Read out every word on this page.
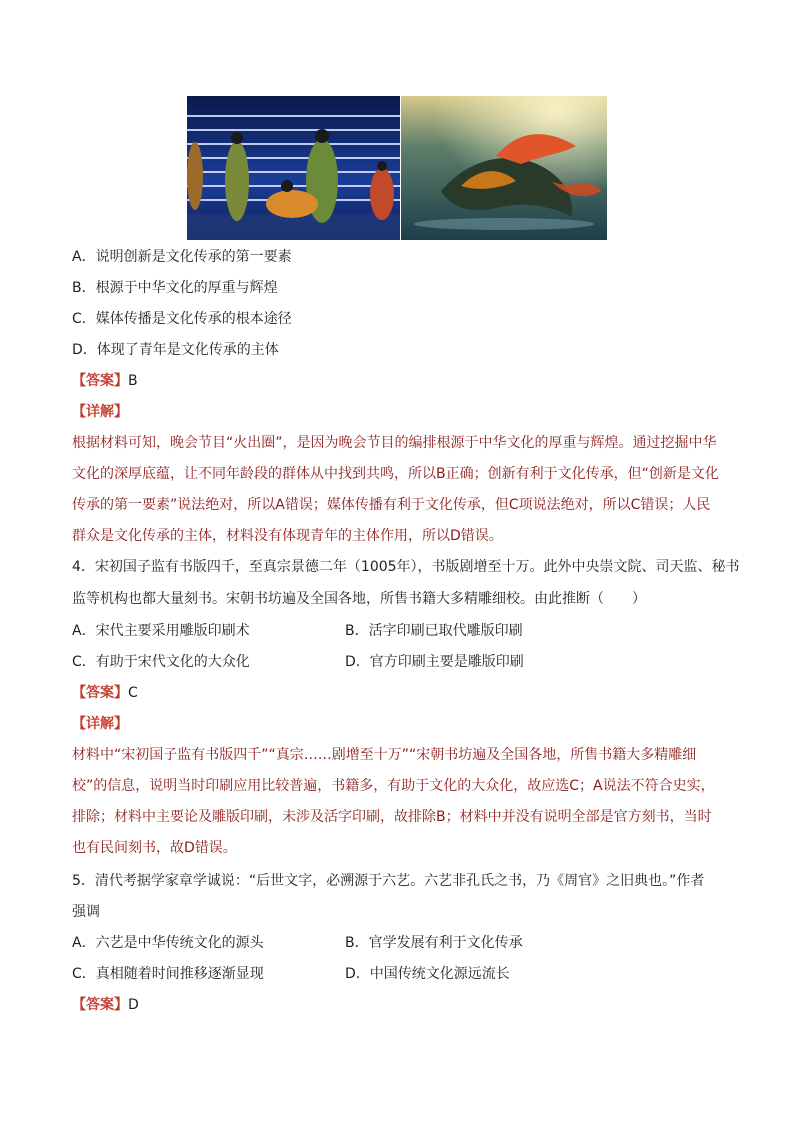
A．说明创新是文化传承的第一要素
B．根源于中华文化的厚重与辉煌
C．媒体传播是文化传承的根本途径
D．体现了青年是文化传承的主体
【答案】B
【详解】
根据材料可知，晚会节目“火出圈”，是因为晚会节目的编排根源于中华文化的厚重与辉煌。通过挖掘中华文化的深厚底蕴，让不同年龄段的群体从中找到共鸣，所以B正确；创新有利于文化传承，但“创新是文化传承的第一要素”说法绝对，所以A错误；媒体传播有利于文化传承，但C项说法绝对，所以C错误；人民群众是文化传承的主体，材料没有体现青年的主体作用，所以D错误。
4．宋初国子监有书版四千，至真宗景德二年（1005年），书版剧增至十万。此外中央崇文院、司天监、秘书
监等机构也都大量刻书。宋朝书坊遍及全国各地，所售书籍大多精雕细校。由此推断（　　）
A．宋代主要采用雕版印刷术	B．活字印刷已取代雕版印刷
C．有助于宋代文化的大众化	D．官方印刷主要是雕版印刷
【答案】C
【详解】
材料中“宋初国子监有书版四千”“真宗……剧增至十万”“宋朝书坊遍及全国各地，所售书籍大多精雕细校”的信息，说明当时印刷应用比较普遍，书籍多，有助于文化的大众化，故应选C；A说法不符合史实，排除；材料中主要论及雕版印刷，未涉及活字印刷，故排除B；材料中并没有说明全部是官方刻书，当时也有民间刻书，故D错误。
5．清代考据学家章学诚说：“后世文字，必溯源于六艺。六艺非孔氏之书，乃《周官》之旧典也。”作者
强调
A．六艺是中华传统文化的源头	B．官学发展有利于文化传承
C．真相随着时间推移逐渐显现	D．中国传统文化源远流长
【答案】D
